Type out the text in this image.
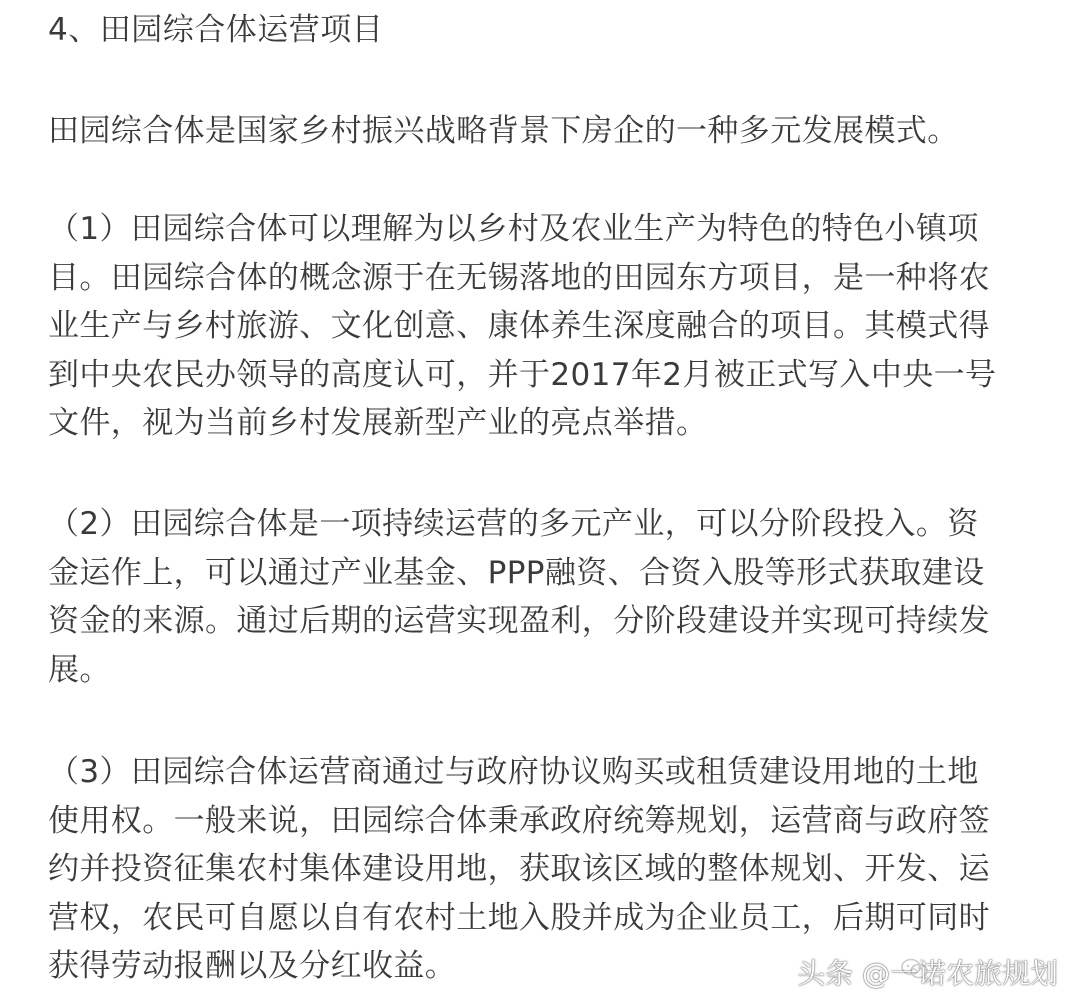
4、田园综合体运营项目

田园综合体是国家乡村振兴战略背景下房企的一种多元发展模式。

（1）田园综合体可以理解为以乡村及农业生产为特色的特色小镇项
目。田园综合体的概念源于在无锡落地的田园东方项目，是一种将农
业生产与乡村旅游、文化创意、康体养生深度融合的项目。其模式得
到中央农民办领导的高度认可，并于2017年2月被正式写入中央一号
文件，视为当前乡村发展新型产业的亮点举措。

（2）田园综合体是一项持续运营的多元产业，可以分阶段投入。资
金运作上，可以通过产业基金、PPP融资、合资入股等形式获取建设
资金的来源。通过后期的运营实现盈利，分阶段建设并实现可持续发
展。

（3）田园综合体运营商通过与政府协议购买或租赁建设用地的土地
使用权。一般来说，田园综合体秉承政府统筹规划，运营商与政府签
约并投资征集农村集体建设用地，获取该区域的整体规划、开发、运
营权，农民可自愿以自有农村土地入股并成为企业员工，后期可同时
获得劳动报酬以及分红收益。	头条 @一诺农旅规划
